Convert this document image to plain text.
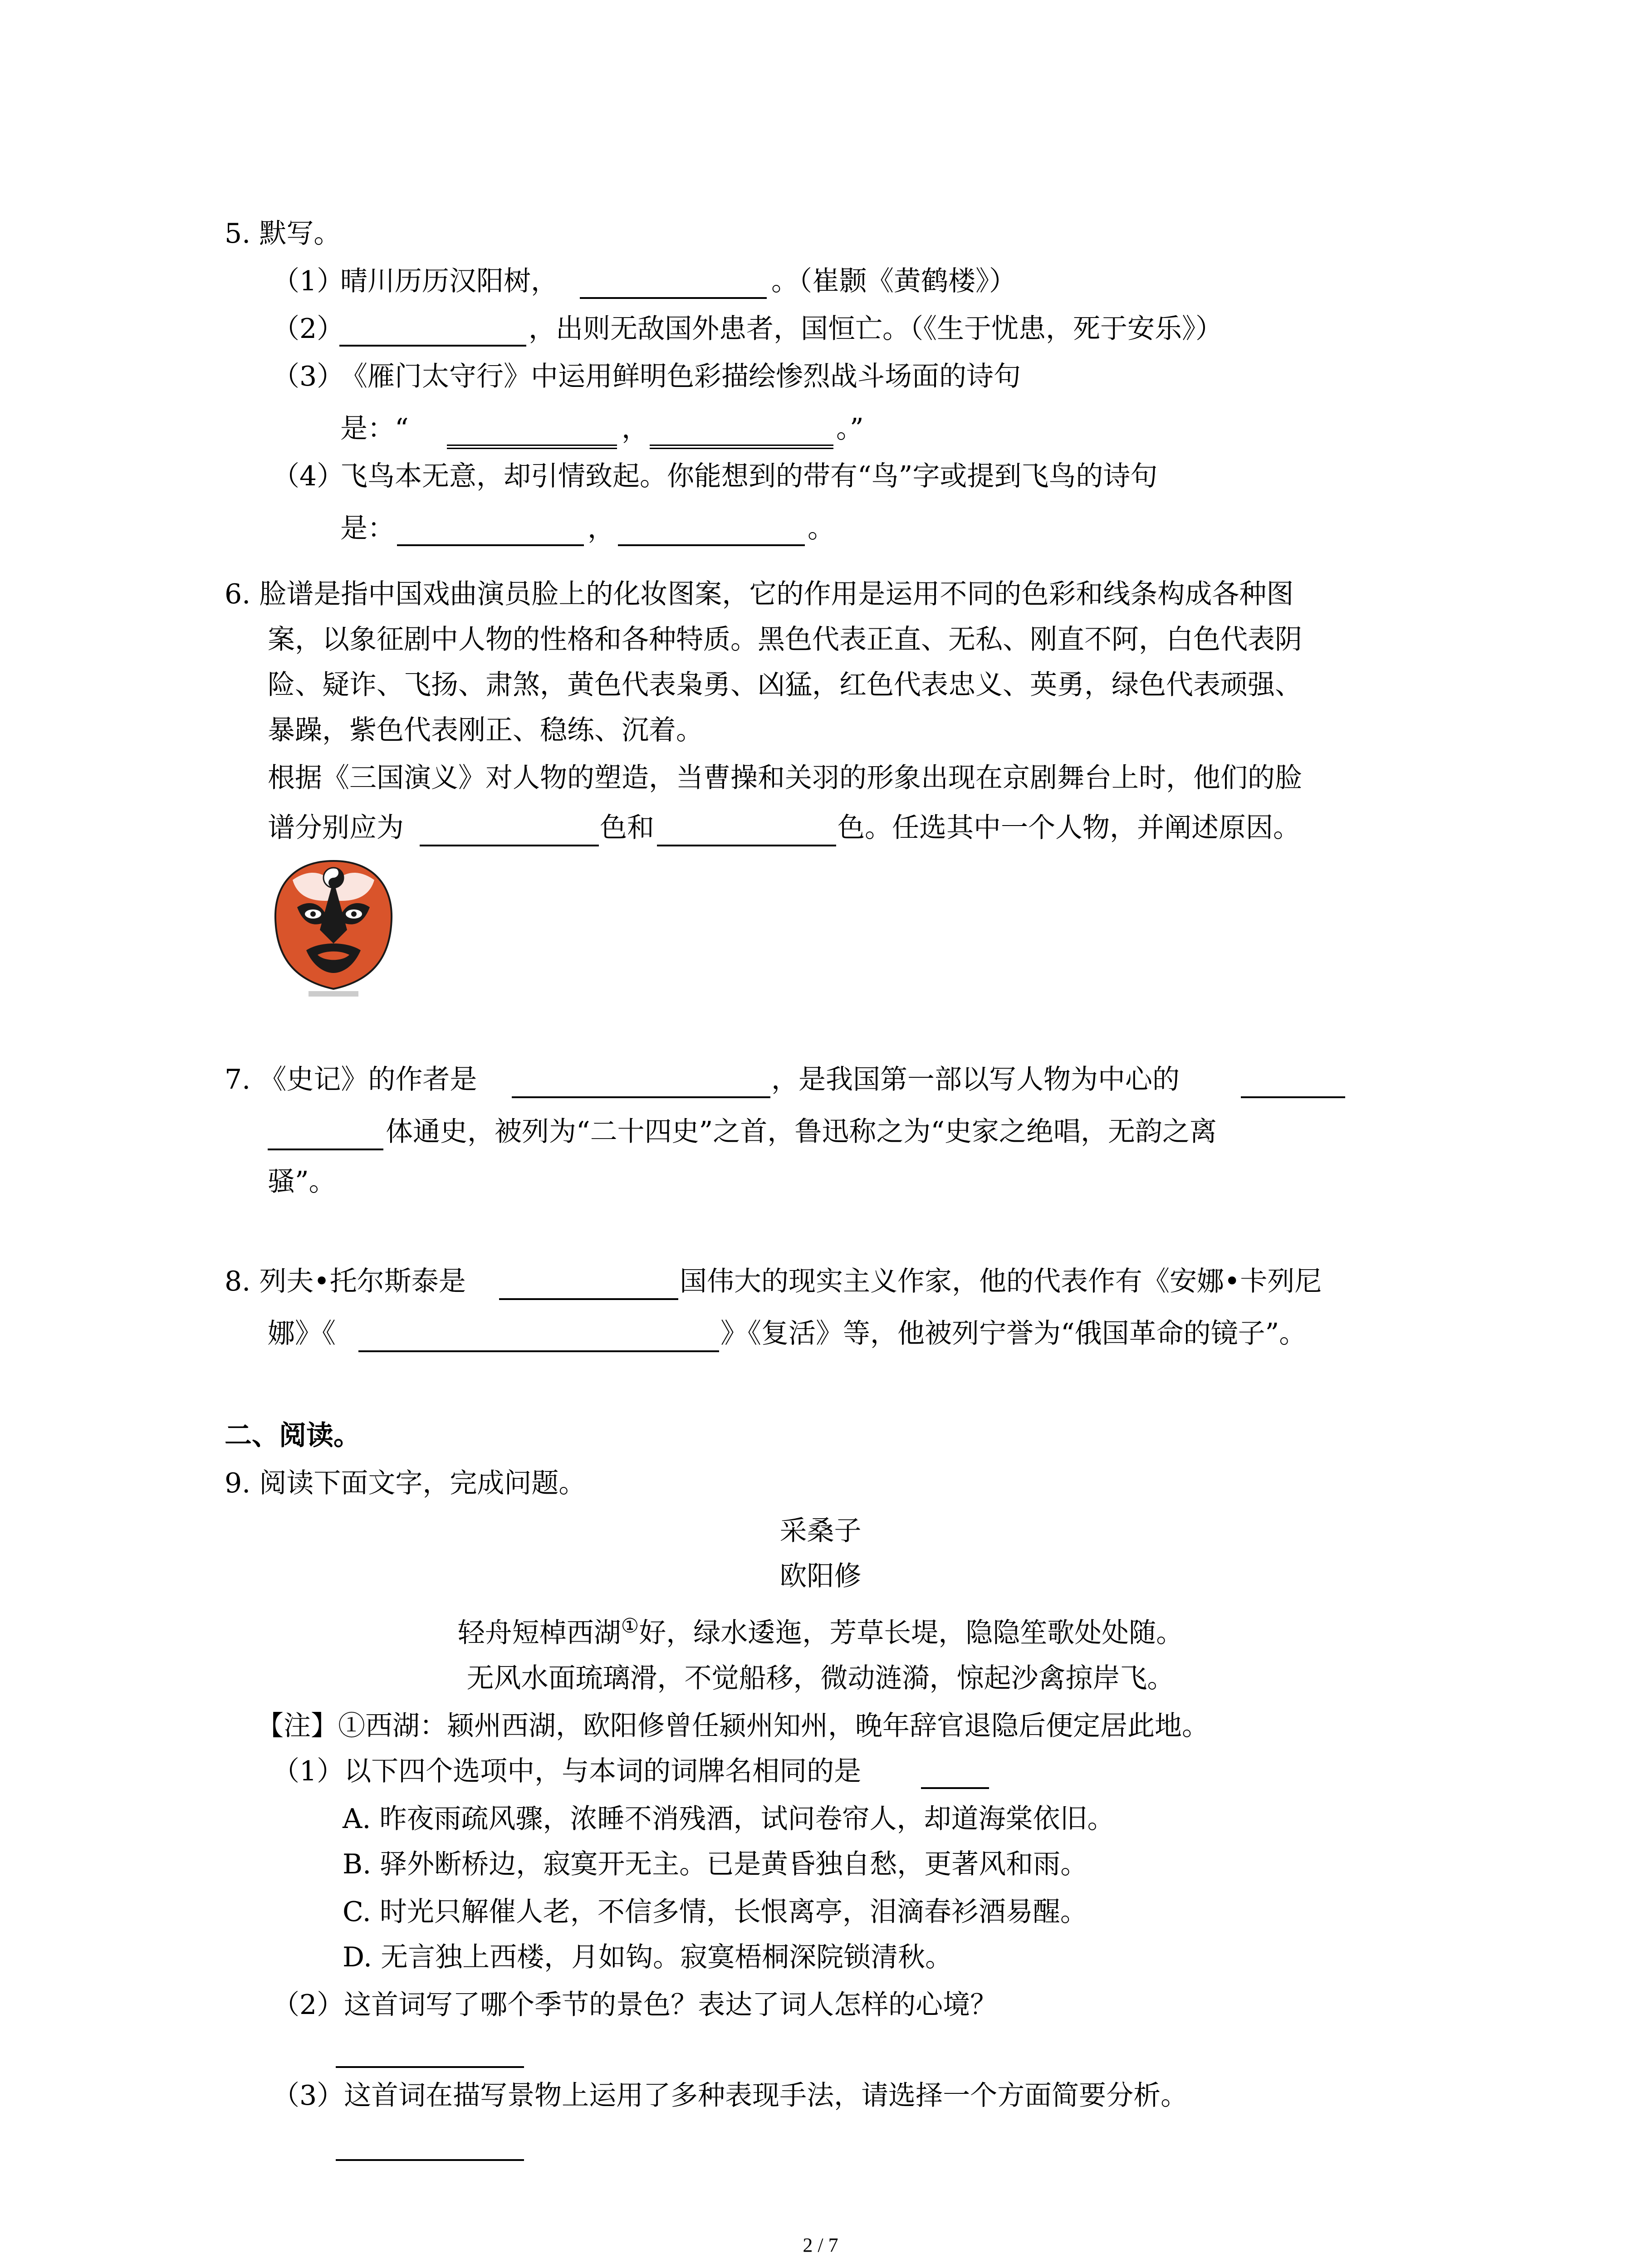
5. 默写。

（1）

晴川历历汉阳树，	。（崔颢《黄鹤楼》）

（2）	，出则无敌国外患者，国恒亡。（《生于忧患，死于安乐》）

（3）

《雁门太守行》中运用鲜明色彩描绘惨烈战斗场面的诗句

是：“	，	。”

（4）

飞鸟本无意，却引情致起。你能想到的带有“鸟”字或提到飞鸟的诗句

是：	，	。

6. 脸谱是指中国戏曲演员脸上的化妆图案，它的作用是运用不同的色彩和线条构成各种图

案，以象征剧中人物的性格和各种特质。黑色代表正直、无私、刚直不阿，白色代表阴

险、疑诈、飞扬、肃煞，黄色代表枭勇、凶猛，红色代表忠义、英勇，绿色代表顽强、

暴躁，紫色代表刚正、稳练、沉着。

根据《三国演义》对人物的塑造，当曹操和关羽的形象出现在京剧舞台上时，他们的脸

谱分别应为	色和	色。任选其中一个人物，并阐述原因。

7. 《史记》的作者是	，是我国第一部以写人物为中心的

体通史，被列为“二十四史”之首，鲁迅称之为“史家之绝唱，无韵之离

骚”。

8. 列夫•托尔斯泰是	国伟大的现实主义作家，他的代表作有《安娜•卡列尼

娜》《	》《复活》等，他被列宁誉为“俄国革命的镜子”。

二、阅读。

9. 阅读下面文字，完成问题。

采桑子

欧阳修

轻舟短棹西湖①好，绿水逶迤，芳草长堤，隐隐笙歌处处随。

无风水面琉璃滑，不觉船移，微动涟漪，惊起沙禽掠岸飞。

【注】①西湖：颍州西湖，欧阳修曾任颍州知州，晚年辞官退隐后便定居此地。

（1）以下四个选项中，与本词的词牌名相同的是

A. 昨夜雨疏风骤，浓睡不消残酒，试问卷帘人，却道海棠依旧。

B. 驿外断桥边，寂寞开无主。已是黄昏独自愁，更著风和雨。

C. 时光只解催人老，不信多情，长恨离亭，泪滴春衫酒易醒。

D. 无言独上西楼，月如钩。寂寞梧桐深院锁清秋。

（2）这首词写了哪个季节的景色？表达了词人怎样的心境？

（3）这首词在描写景物上运用了多种表现手法，请选择一个方面简要分析。

2 / 7
